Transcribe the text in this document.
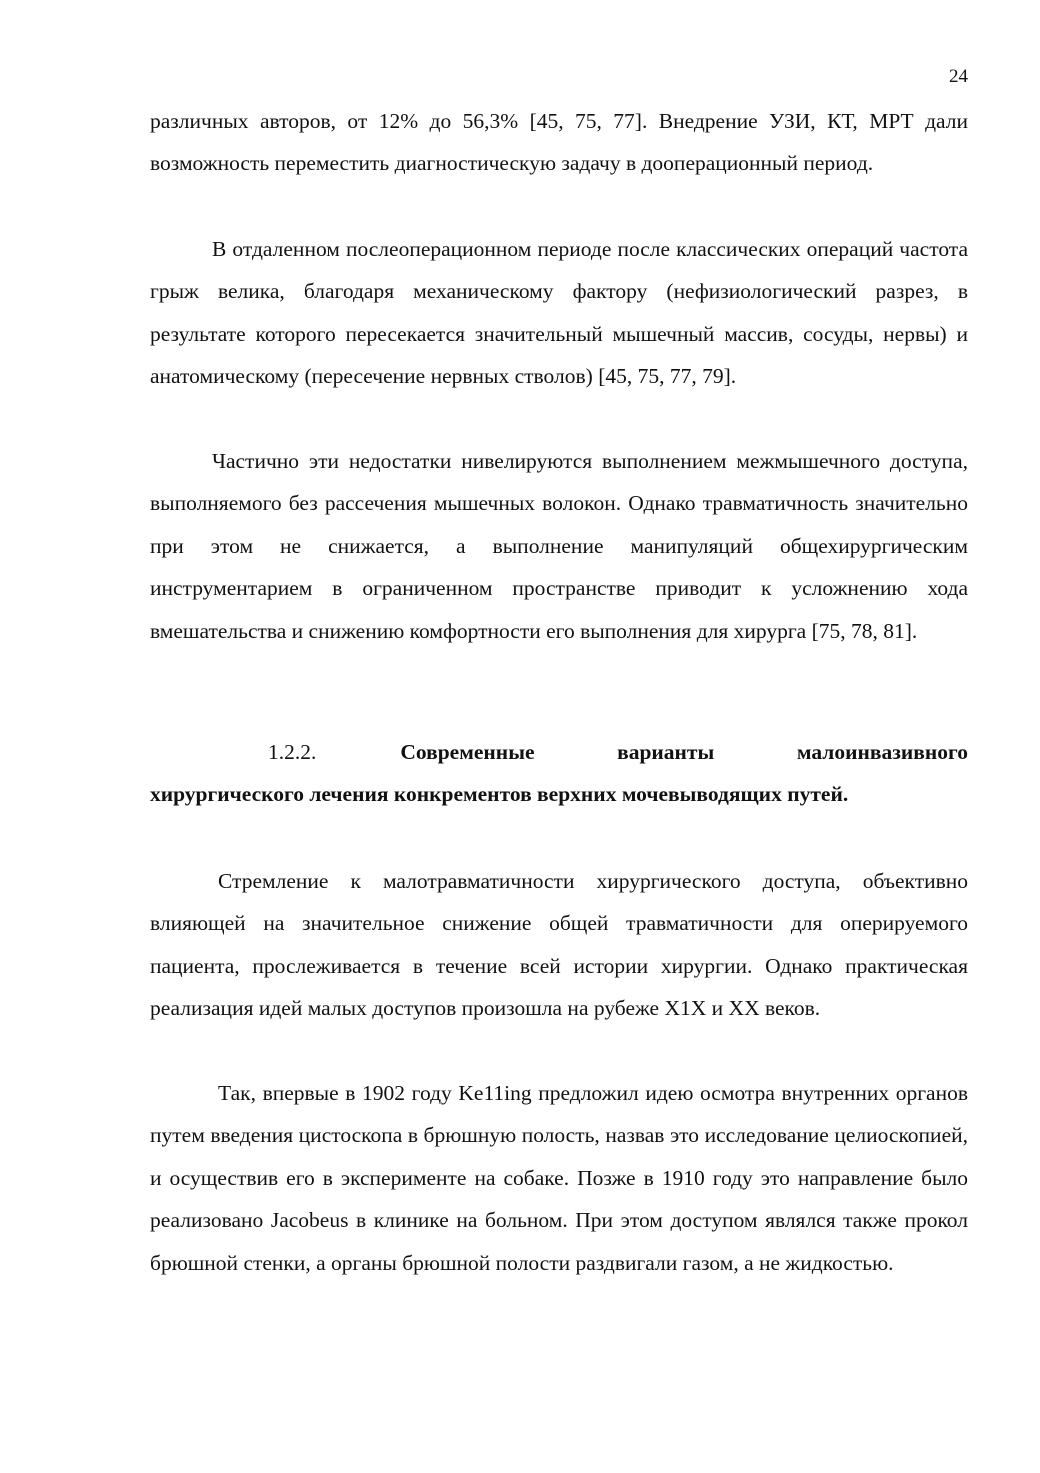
24

различных авторов, от 12% до 56,3% [45, 75, 77]. Внедрение УЗИ, КТ, МРТ дали возможность переместить диагностическую задачу в дооперационный период.

В отдаленном послеоперационном периоде после классических операций частота грыж велика, благодаря механическому фактору (нефизиологический разрез, в результате которого пересекается значительный мышечный массив, сосуды, нервы) и анатомическому (пересечение нервных стволов) [45, 75, 77, 79].

Частично эти недостатки нивелируются выполнением межмышечного доступа, выполняемого без рассечения мышечных волокон. Однако травматичность значительно при этом не снижается, а выполнение манипуляций общехирургическим инструментарием в ограниченном пространстве приводит к усложнению хода вмешательства и снижению комфортности его выполнения для хирурга [75, 78, 81].

1.2.2.	Современные	варианты	малоинвазивного
хирургического лечения конкрементов верхних мочевыводящих путей.

Стремление к малотравматичности хирургического доступа, объективно влияющей на значительное снижение общей травматичности для оперируемого пациента, прослеживается в течение всей истории хирургии. Однако практическая реализация идей малых доступов произошла на рубеже Х1Х и ХХ веков.

Так, впервые в 1902 году Ke11ing предложил идею осмотра внутренних органов путем введения цистоскопа в брюшную полость, назвав это исследование целиоскопией, и осуществив его в эксперименте на собаке. Позже в 1910 году это направление было реализовано Jacobeus в клинике на больном. При этом доступом являлся также прокол брюшной стенки, а органы брюшной полости раздвигали газом, а не жидкостью.
